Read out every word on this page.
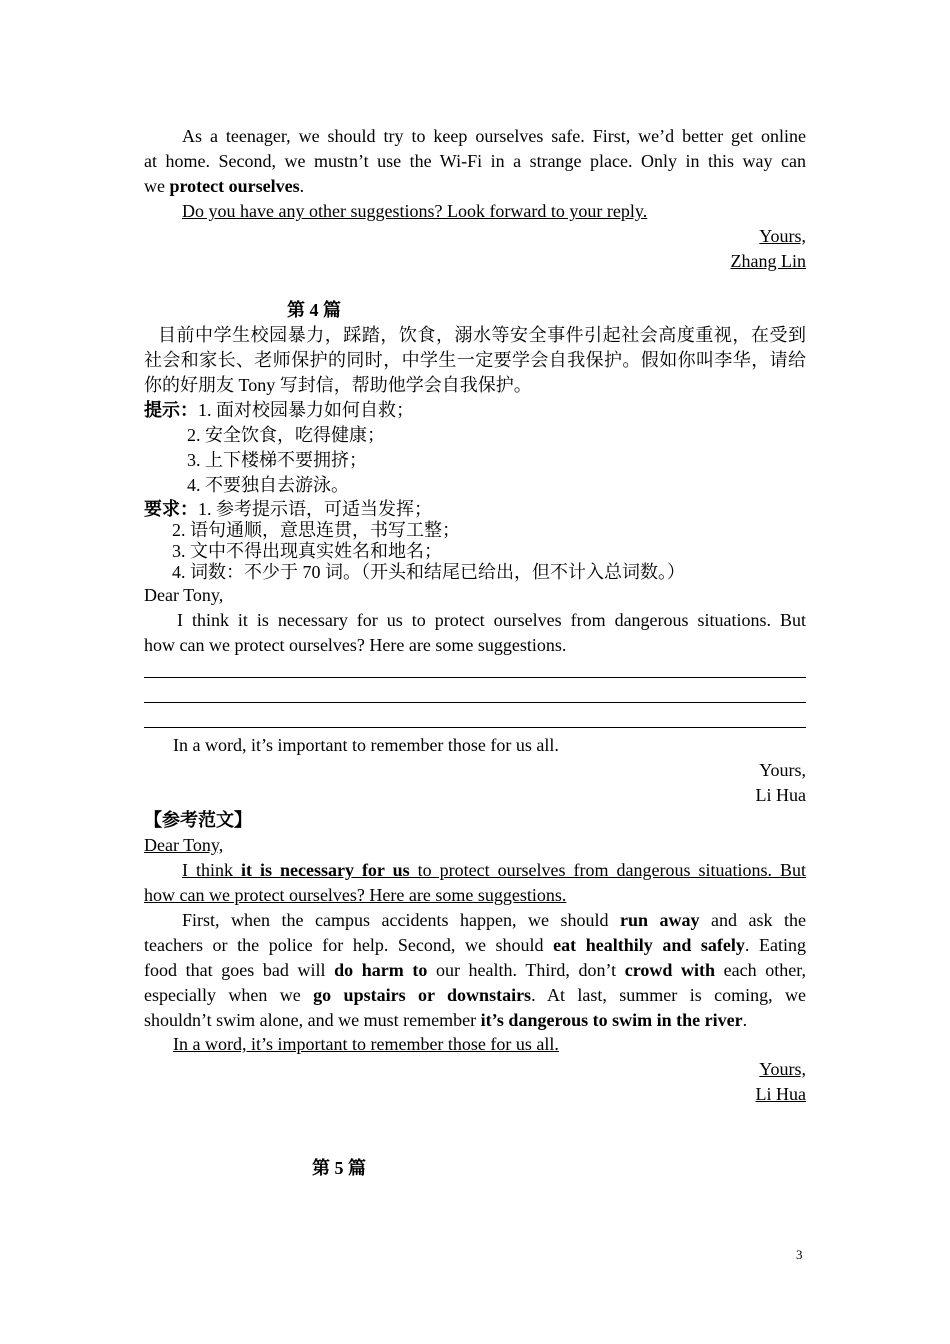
As a teenager, we should try to keep ourselves safe. First, we’d better get online
at home. Second, we mustn’t use the Wi-Fi in a strange place. Only in this way can
we protect ourselves.
Do you have any other suggestions? Look forward to your reply.
Yours,
Zhang Lin
第 4 篇
目前中学生校园暴力，踩踏，饮食，溺水等安全事件引起社会高度重视，在受到
社会和家长、老师保护的同时，中学生一定要学会自我保护。假如你叫李华，请给
你的好朋友 Tony 写封信，帮助他学会自我保护。
提示：1. 面对校园暴力如何自救；
2. 安全饮食，吃得健康；
3. 上下楼梯不要拥挤；
4. 不要独自去游泳。
要求：1. 参考提示语，可适当发挥；
2. 语句通顺，意思连贯，书写工整；
3. 文中不得出现真实姓名和地名；
4. 词数：不少于 70 词。（开头和结尾已给出，但不计入总词数。）
Dear Tony,
I think it is necessary for us to protect ourselves from dangerous situations. But
how can we protect ourselves? Here are some suggestions.
In a word, it’s important to remember those for us all.
Yours,
Li Hua
【参考范文】
Dear Tony,
I think it is necessary for us to protect ourselves from dangerous situations. But
how can we protect ourselves? Here are some suggestions.
First, when the campus accidents happen, we should run away and ask the
teachers or the police for help. Second, we should eat healthily and safely. Eating
food that goes bad will do harm to our health. Third, don’t crowd with each other,
especially when we go upstairs or downstairs. At last, summer is coming, we
shouldn’t swim alone, and we must remember it’s dangerous to swim in the river.
In a word, it’s important to remember those for us all.
Yours,
Li Hua
第 5 篇
3
